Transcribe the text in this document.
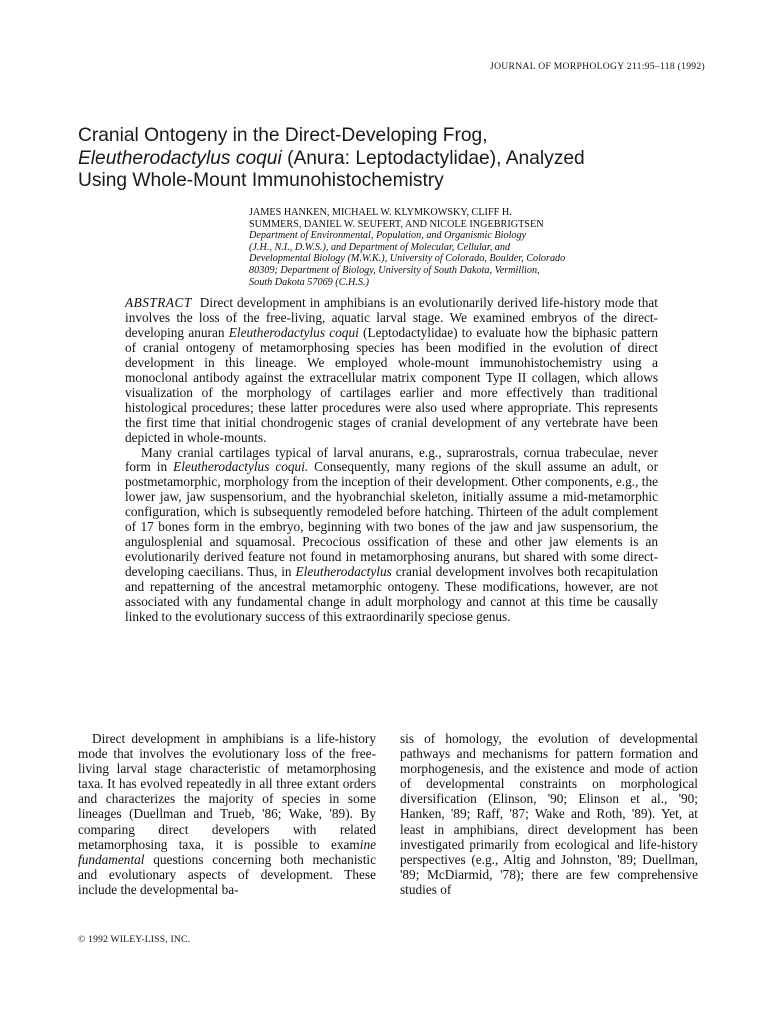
JOURNAL OF MORPHOLOGY 211:95–118 (1992)
Cranial Ontogeny in the Direct-Developing Frog,
Eleutherodactylus coqui (Anura: Leptodactylidae), Analyzed
Using Whole-Mount Immunohistochemistry
JAMES HANKEN, MICHAEL W. KLYMKOWSKY, CLIFF H.
SUMMERS, DANIEL W. SEUFERT, AND NICOLE INGEBRIGTSEN
Department of Environmental, Population, and Organismic Biology
(J.H., N.I., D.W.S.), and Department of Molecular, Cellular, and
Developmental Biology (M.W.K.), University of Colorado, Boulder, Colorado
80309; Department of Biology, University of South Dakota, Vermillion,
South Dakota 57069 (C.H.S.)

ABSTRACT Direct development in amphibians is an evolutionarily derived life-history mode that involves the loss of the free-living, aquatic larval stage. We examined embryos of the direct-developing anuran Eleutherodactylus coqui (Leptodactylidae) to evaluate how the biphasic pattern of cranial ontogeny of metamorphosing species has been modified in the evolution of direct development in this lineage. We employed whole-mount immunohistochemistry using a monoclonal antibody against the extracellular matrix component Type II collagen, which allows visualization of the morphology of cartilages earlier and more effectively than traditional histological procedures; these latter procedures were also used where appropriate. This represents the first time that initial chondrogenic stages of cranial development of any vertebrate have been depicted in whole-mounts.

Many cranial cartilages typical of larval anurans, e.g., suprarostrals, cornua trabeculae, never form in Eleutherodactylus coqui. Consequently, many regions of the skull assume an adult, or postmetamorphic, morphology from the inception of their development. Other components, e.g., the lower jaw, jaw suspensorium, and the hyobranchial skeleton, initially assume a mid-metamorphic configuration, which is subsequently remodeled before hatching. Thirteen of the adult complement of 17 bones form in the embryo, beginning with two bones of the jaw and jaw suspensorium, the angulosplenial and squamosal. Precocious ossification of these and other jaw elements is an evolutionarily derived feature not found in metamorphosing anurans, but shared with some direct-developing caecilians. Thus, in Eleutherodactylus cranial development involves both recapitulation and repatterning of the ancestral metamorphic ontogeny. These modifications, however, are not associated with any fundamental change in adult morphology and cannot at this time be causally linked to the evolutionary success of this extraordinarily speciose genus.

Direct development in amphibians is a life-history mode that involves the evolutionary loss of the free-living larval stage characteristic of metamorphosing taxa. It has evolved repeatedly in all three extant orders and characterizes the majority of species in some lineages (Duellman and Trueb, '86; Wake, '89). By comparing direct developers with related metamorphosing taxa, it is possible to examine fundamental questions concerning both mechanistic and evolutionary aspects of development. These include the developmental ba-

sis of homology, the evolution of developmental pathways and mechanisms for pattern formation and morphogenesis, and the existence and mode of action of developmental constraints on morphological diversification (Elinson, '90; Elinson et al., '90; Hanken, '89; Raff, '87; Wake and Roth, '89). Yet, at least in amphibians, direct development has been investigated primarily from ecological and life-history perspectives (e.g., Altig and Johnston, '89; Duellman, '89; McDiarmid, '78); there are few comprehensive studies of

© 1992 WILEY-LISS, INC.
